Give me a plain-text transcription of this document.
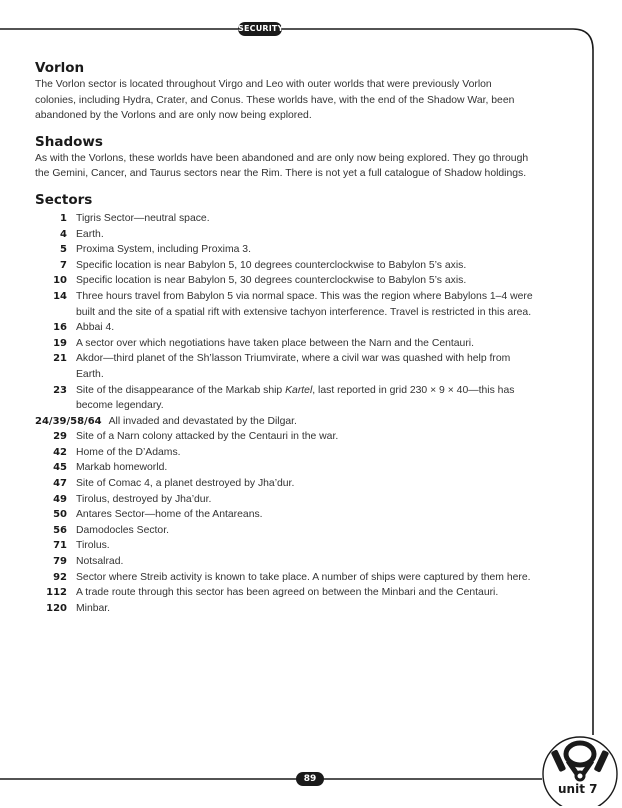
SECURITY
Vorlon

The Vorlon sector is located throughout Virgo and Leo with outer worlds that were previously Vorlon colonies, including Hydra, Crater, and Conus. These worlds have, with the end of the Shadow War, been abandoned by the Vorlons and are only now being explored.

Shadows

As with the Vorlons, these worlds have been abandoned and are only now being explored. They go through the Gemini, Cancer, and Taurus sectors near the Rim. There is not yet a full catalogue of Shadow holdings.

Sectors
1 Tigris Sector—neutral space.
4 Earth.
5 Proxima System, including Proxima 3.
7 Specific location is near Babylon 5, 10 degrees counterclockwise to Babylon 5’s axis.
10 Specific location is near Babylon 5, 30 degrees counterclockwise to Babylon 5’s axis.
14 Three hours travel from Babylon 5 via normal space. This was the region where Babylons 1–4 were built and the site of a spatial rift with extensive tachyon interference. Travel is restricted in this area.
16 Abbai 4.
19 A sector over which negotiations have taken place between the Narn and the Centauri.
21 Akdor—third planet of the Sh’lasson Triumvirate, where a civil war was quashed with help from Earth.
23 Site of the disappearance of the Markab ship Kartel, last reported in grid 230 × 9 × 40—this has become legendary.
24/39/58/64 All invaded and devastated by the Dilgar.
29 Site of a Narn colony attacked by the Centauri in the war.
42 Home of the D’Adams.
45 Markab homeworld.
47 Site of Comac 4, a planet destroyed by Jha’dur.
49 Tirolus, destroyed by Jha’dur.
50 Antares Sector—home of the Antareans.
56 Damodocles Sector.
71 Tirolus.
79 Notsalrad.
92 Sector where Streib activity is known to take place. A number of ships were captured by them here.
112 A trade route through this sector has been agreed on between the Minbari and the Centauri.
120 Minbar.
89
unit 7
